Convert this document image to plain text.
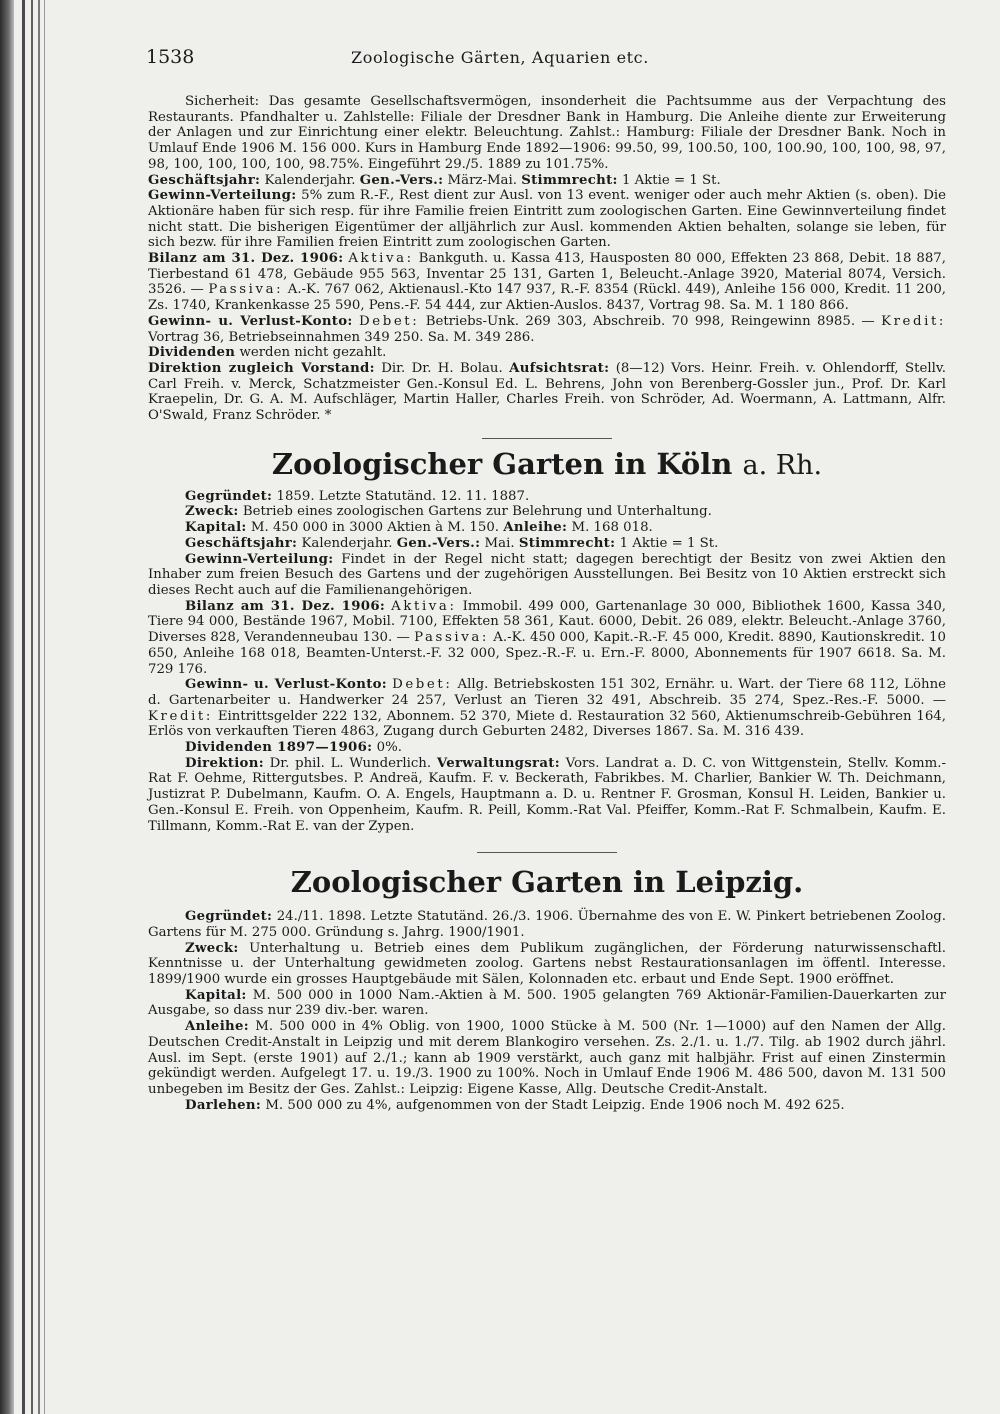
1538	Zoologische Gärten, Aquarien etc.

Sicherheit: Das gesamte Gesellschaftsvermögen, insonderheit die Pachtsumme aus der Verpachtung des Restaurants. Pfandhalter u. Zahlstelle: Filiale der Dresdner Bank in Hamburg. Die Anleihe diente zur Erweiterung der Anlagen und zur Einrichtung einer elektr. Beleuchtung. Zahlst.: Hamburg: Filiale der Dresdner Bank. Noch in Umlauf Ende 1906 M. 156 000. Kurs in Hamburg Ende 1892—1906: 99.50, 99, 100.50, 100, 100.90, 100, 100, 98, 97, 98, 100, 100, 100, 100, 98.75%. Eingeführt 29./5. 1889 zu 101.75%.

Geschäftsjahr: Kalenderjahr. Gen.-Vers.: März-Mai. Stimmrecht: 1 Aktie = 1 St.

Gewinn-Verteilung: 5% zum R.-F., Rest dient zur Ausl. von 13 event. weniger oder auch mehr Aktien (s. oben). Die Aktionäre haben für sich resp. für ihre Familie freien Eintritt zum zoologischen Garten. Eine Gewinnverteilung findet nicht statt. Die bisherigen Eigentümer der alljährlich zur Ausl. kommenden Aktien behalten, solange sie leben, für sich bezw. für ihre Familien freien Eintritt zum zoologischen Garten.

Bilanz am 31. Dez. 1906: Aktiva: Bankguth. u. Kassa 413, Hausposten 80 000, Effekten 23 868, Debit. 18 887, Tierbestand 61 478, Gebäude 955 563, Inventar 25 131, Garten 1, Beleucht.-Anlage 3920, Material 8074, Versich. 3526. — Passiva: A.-K. 767 062, Aktienausl.-Kto 147 937, R.-F. 8354 (Rückl. 449), Anleihe 156 000, Kredit. 11 200, Zs. 1740, Krankenkasse 25 590, Pens.-F. 54 444, zur Aktien-Auslos. 8437, Vortrag 98. Sa. M. 1 180 866.

Gewinn- u. Verlust-Konto: Debet: Betriebs-Unk. 269 303, Abschreib. 70 998, Reingewinn 8985. — Kredit: Vortrag 36, Betriebseinnahmen 349 250. Sa. M. 349 286.

Dividenden werden nicht gezahlt.

Direktion zugleich Vorstand: Dir. Dr. H. Bolau. Aufsichtsrat: (8—12) Vors. Heinr. Freih. v. Ohlendorff, Stellv. Carl Freih. v. Merck, Schatzmeister Gen.-Konsul Ed. L. Behrens, John von Berenberg-Gossler jun., Prof. Dr. Karl Kraepelin, Dr. G. A. M. Aufschläger, Martin Haller, Charles Freih. von Schröder, Ad. Woermann, A. Lattmann, Alfr. O'Swald, Franz Schröder. *

Zoologischer Garten in Köln a. Rh.

Gegründet: 1859. Letzte Statutänd. 12. 11. 1887.

Zweck: Betrieb eines zoologischen Gartens zur Belehrung und Unterhaltung.

Kapital: M. 450 000 in 3000 Aktien à M. 150. Anleihe: M. 168 018.

Geschäftsjahr: Kalenderjahr. Gen.-Vers.: Mai. Stimmrecht: 1 Aktie = 1 St.

Gewinn-Verteilung: Findet in der Regel nicht statt; dagegen berechtigt der Besitz von zwei Aktien den Inhaber zum freien Besuch des Gartens und der zugehörigen Ausstellungen. Bei Besitz von 10 Aktien erstreckt sich dieses Recht auch auf die Familienangehörigen.

Bilanz am 31. Dez. 1906: Aktiva: Immobil. 499 000, Gartenanlage 30 000, Bibliothek 1600, Kassa 340, Tiere 94 000, Bestände 1967, Mobil. 7100, Effekten 58 361, Kaut. 6000, Debit. 26 089, elektr. Beleucht.-Anlage 3760, Diverses 828, Verandenneubau 130. — Passiva: A.-K. 450 000, Kapit.-R.-F. 45 000, Kredit. 8890, Kautionskredit. 10 650, Anleihe 168 018, Beamten-Unterst.-F. 32 000, Spez.-R.-F. u. Ern.-F. 8000, Abonnements für 1907 6618. Sa. M. 729 176.

Gewinn- u. Verlust-Konto: Debet: Allg. Betriebskosten 151 302, Ernähr. u. Wart. der Tiere 68 112, Löhne d. Gartenarbeiter u. Handwerker 24 257, Verlust an Tieren 32 491, Abschreib. 35 274, Spez.-Res.-F. 5000. — Kredit: Eintrittsgelder 222 132, Abonnem. 52 370, Miete d. Restauration 32 560, Aktienumschreib-Gebühren 164, Erlös von verkauften Tieren 4863, Zugang durch Geburten 2482, Diverses 1867. Sa. M. 316 439.

Dividenden 1897—1906: 0%.

Direktion: Dr. phil. L. Wunderlich. Verwaltungsrat: Vors. Landrat a. D. C. von Wittgenstein, Stellv. Komm.-Rat F. Oehme, Rittergutsbes. P. Andreä, Kaufm. F. v. Beckerath, Fabrikbes. M. Charlier, Bankier W. Th. Deichmann, Justizrat P. Dubelmann, Kaufm. O. A. Engels, Hauptmann a. D. u. Rentner F. Grosman, Konsul H. Leiden, Bankier u. Gen.-Konsul E. Freih. von Oppenheim, Kaufm. R. Peill, Komm.-Rat Val. Pfeiffer, Komm.-Rat F. Schmalbein, Kaufm. E. Tillmann, Komm.-Rat E. van der Zypen.

Zoologischer Garten in Leipzig.

Gegründet: 24./11. 1898. Letzte Statutänd. 26./3. 1906. Übernahme des von E. W. Pinkert betriebenen Zoolog. Gartens für M. 275 000. Gründung s. Jahrg. 1900/1901.

Zweck: Unterhaltung u. Betrieb eines dem Publikum zugänglichen, der Förderung naturwissenschaftl. Kenntnisse u. der Unterhaltung gewidmeten zoolog. Gartens nebst Restaurationsanlagen im öffentl. Interesse. 1899/1900 wurde ein grosses Hauptgebäude mit Sälen, Kolonnaden etc. erbaut und Ende Sept. 1900 eröffnet.

Kapital: M. 500 000 in 1000 Nam.-Aktien à M. 500. 1905 gelangten 769 Aktionär-Familien-Dauerkarten zur Ausgabe, so dass nur 239 div.-ber. waren.

Anleihe: M. 500 000 in 4% Oblig. von 1900, 1000 Stücke à M. 500 (Nr. 1—1000) auf den Namen der Allg. Deutschen Credit-Anstalt in Leipzig und mit derem Blankogiro versehen. Zs. 2./1. u. 1./7. Tilg. ab 1902 durch jährl. Ausl. im Sept. (erste 1901) auf 2./1.; kann ab 1909 verstärkt, auch ganz mit halbjähr. Frist auf einen Zinstermin gekündigt werden. Aufgelegt 17. u. 19./3. 1900 zu 100%. Noch in Umlauf Ende 1906 M. 486 500, davon M. 131 500 unbegeben im Besitz der Ges. Zahlst.: Leipzig: Eigene Kasse, Allg. Deutsche Credit-Anstalt.

Darlehen: M. 500 000 zu 4%, aufgenommen von der Stadt Leipzig. Ende 1906 noch M. 492 625.
